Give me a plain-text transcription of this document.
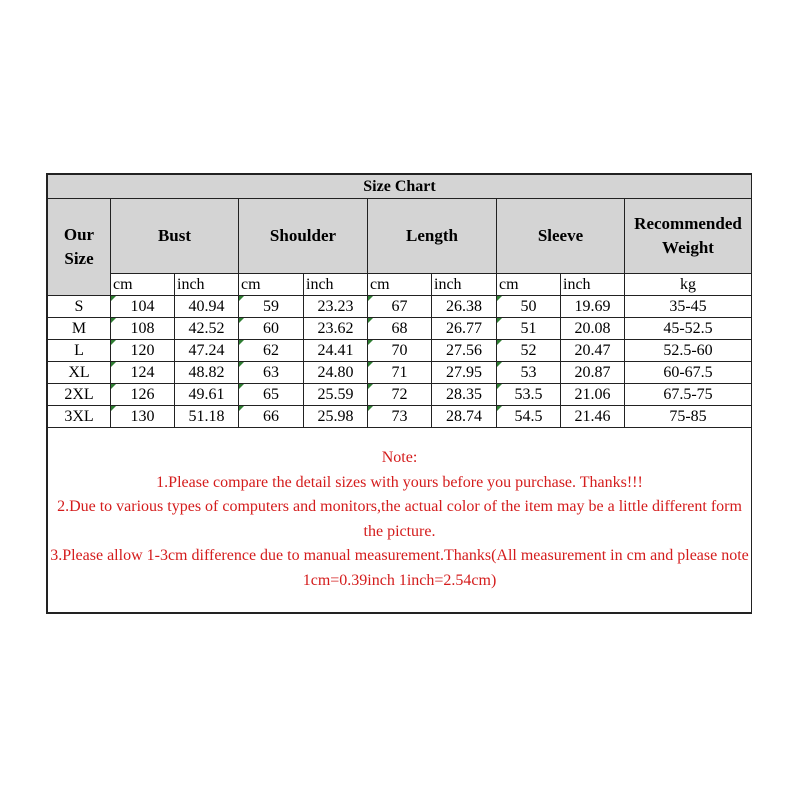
Size Chart									
Our Size	Bust		Shoulder		Length		Sleeve		Recommended Weight
	cm	inch	cm	inch	cm	inch	cm	inch	kg
S	104	40.94	59	23.23	67	26.38	50	19.69	35-45
M	108	42.52	60	23.62	68	26.77	51	20.08	45-52.5
L	120	47.24	62	24.41	70	27.56	52	20.47	52.5-60
XL	124	48.82	63	24.80	71	27.95	53	20.87	60-67.5
2XL	126	49.61	65	25.59	72	28.35	53.5	21.06	67.5-75
3XL	130	51.18	66	25.98	73	28.74	54.5	21.46	75-85

Note:
1.Please compare the detail sizes with yours before you purchase. Thanks!!!
2.Due to various types of computers and monitors,the actual color of the item may be a little different form the picture.
3.Please allow 1-3cm difference due to manual measurement.Thanks(All measurement in cm and please note 1cm=0.39inch 1inch=2.54cm)									
